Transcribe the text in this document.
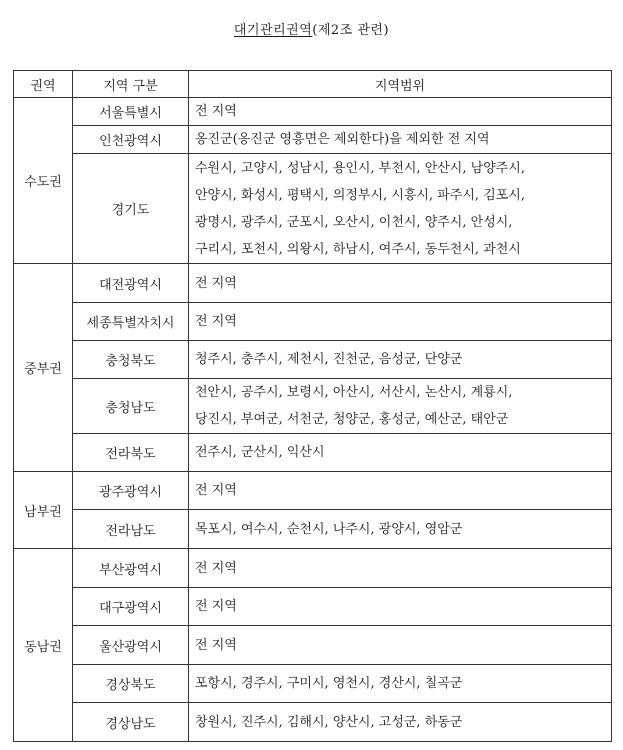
대기관리권역(제2조 관련)
권역	지역 구분	지역범위
수도권	서울특별시	전 지역
	인천광역시	옹진군(옹진군 영흥면은 제외한다)을 제외한 전 지역
	경기도	수원시, 고양시, 성남시, 용인시, 부천시, 안산시, 남양주시,
안양시, 화성시, 평택시, 의정부시, 시흥시, 파주시, 김포시,
광명시, 광주시, 군포시, 오산시, 이천시, 양주시, 안성시,
구리시, 포천시, 의왕시, 하남시, 여주시, 동두천시, 과천시

중부권	대전광역시	전 지역
	세종특별자치시	전 지역
	충청북도	청주시, 충주시, 제천시, 진천군, 음성군, 단양군
	충청남도	천안시, 공주시, 보령시, 아산시, 서산시, 논산시, 계룡시,
당진시, 부여군, 서천군, 청양군, 홍성군, 예산군, 태안군

	전라북도	전주시, 군산시, 익산시
남부권	광주광역시	전 지역
	전라남도	목포시, 여수시, 순천시, 나주시, 광양시, 영암군
동남권	부산광역시	전 지역
	대구광역시	전 지역
	울산광역시	전 지역
	경상북도	포항시, 경주시, 구미시, 영천시, 경산시, 칠곡군
	경상남도	창원시, 진주시, 김해시, 양산시, 고성군, 하동군
